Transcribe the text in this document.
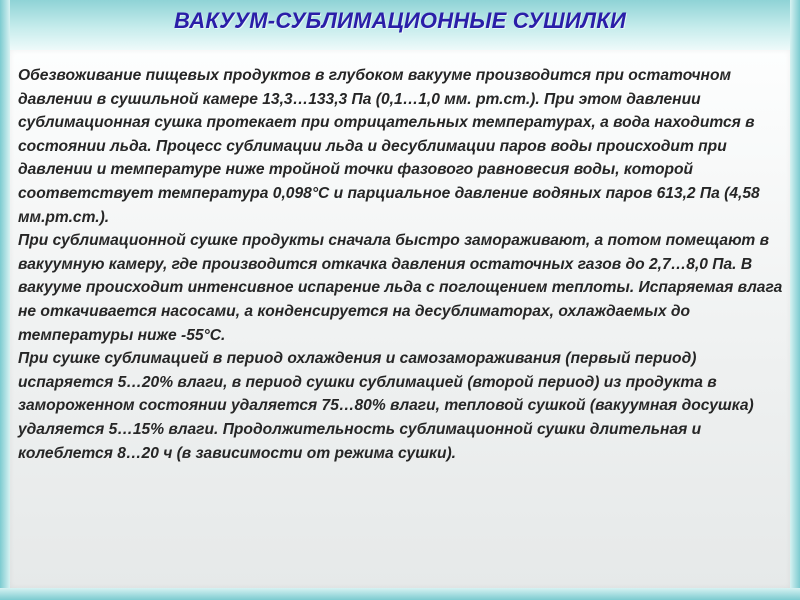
ВАКУУМ-СУБЛИМАЦИОННЫЕ СУШИЛКИ

Обезвоживание пищевых продуктов в глубоком вакууме производится при остаточном давлении в сушильной камере 13,3…133,3 Па (0,1…1,0 мм. рт.ст.). При этом давлении сублимационная сушка протекает при отрицательных температурах, а вода находится в состоянии льда. Процесс сублимации льда и десублимации паров воды происходит при давлении и температуре ниже тройной точки фазового равновесия воды, которой соответствует температура 0,098°С и парциальное давление водяных паров 613,2 Па (4,58 мм.рт.ст.).

При сублимационной сушке продукты сначала быстро замораживают, а потом помещают в вакуумную камеру, где производится откачка давления остаточных газов до 2,7…8,0 Па. В вакууме происходит интенсивное испарение льда с поглощением теплоты. Испаряемая влага не откачивается насосами, а конденсируется на десублиматорах, охлаждаемых до температуры ниже -55°С.

При сушке сублимацией в период охлаждения и самозамораживания (первый период) испаряется 5…20% влаги, в период сушки сублимацией (второй период) из продукта в замороженном состоянии удаляется 75…80% влаги, тепловой сушкой (вакуумная досушка) удаляется 5…15% влаги. Продолжительность сублимационной сушки длительная и колеблется 8…20 ч (в зависимости от режима сушки).
